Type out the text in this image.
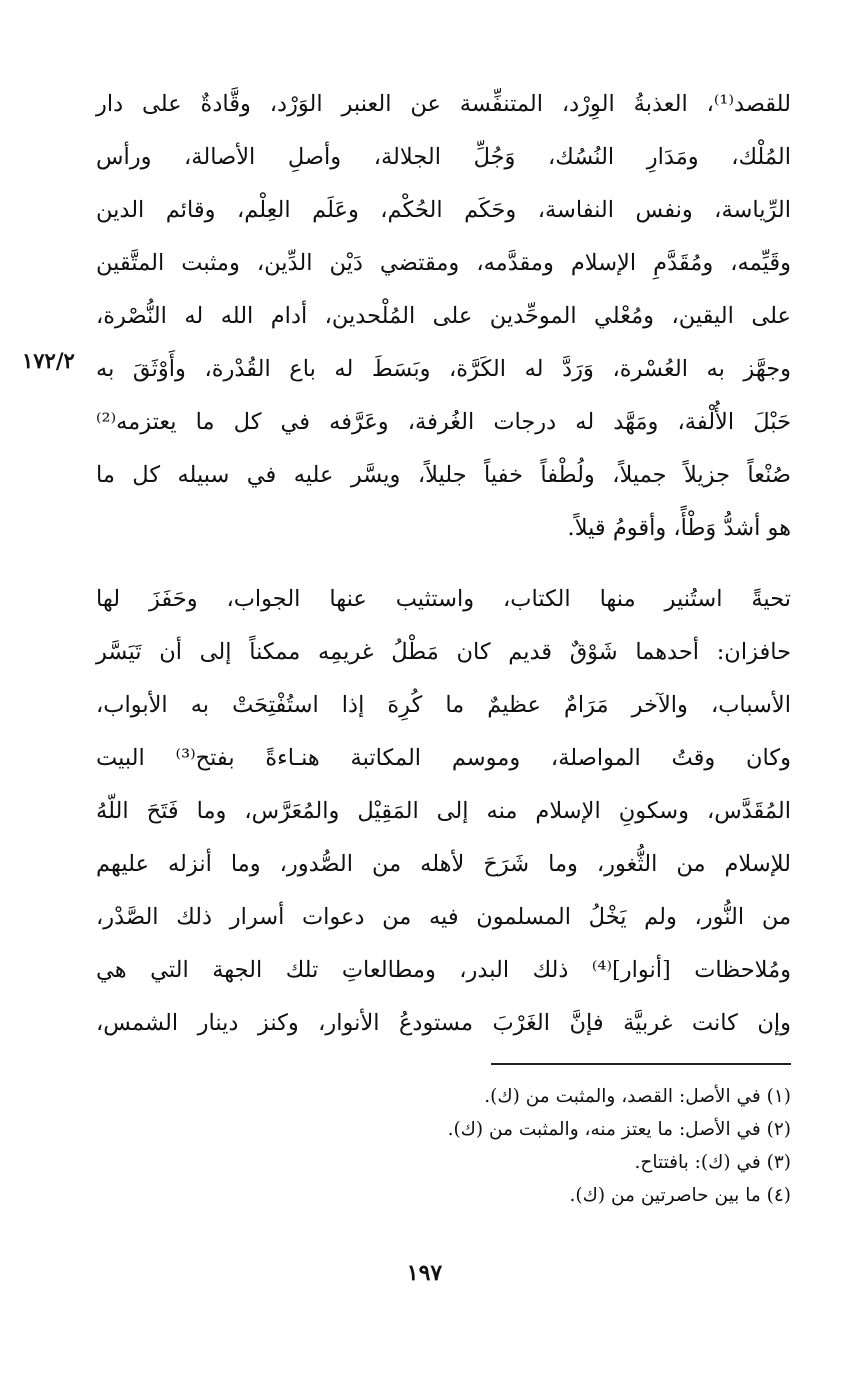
للقصد⁽¹⁾، العذبةُ الوِرْد، المتنفِّسة عن العنبر الوَرْد، وقَّادةٌ على دار

المُلْك، ومَدَارِ النُسُك، وَجُلِّ الجلالة، وأصلِ الأصالة، ورأس

الرِّياسة، ونفس النفاسة، وحَكَم الحُكْم، وعَلَم العِلْم، وقائم الدين

وقَيِّمه، ومُقَدَّمِ الإسلام ومقدَّمه، ومقتضي دَيْن الدِّين، ومثبت المتَّقين

على اليقين، ومُعْلي الموحِّدين على المُلْحدين، أدام الله له النُّصْرة،

وجهَّز به العُسْرة، وَرَدَّ له الكَرَّة، وبَسَطَ له باع القُدْرة، وأَوْثَقَ به

حَبْلَ الأُلْفة، ومَهَّد له درجات الغُرفة، وعَرَّفه في كل ما يعتزمه⁽²⁾

صُنْعاً جزيلاً جميلاً، ولُطْفاً خفياً جليلاً، ويسَّر عليه في سبيله كل ما

هو أشدُّ وَطْأً، وأقومُ قيلاً.

تحيةً استُنير منها الكتاب، واستثيب عنها الجواب، وحَفَزَ لها

حافزان: أحدهما شَوْقٌ قديم كان مَطْلُ غريمِه ممكناً إلى أن تَيَسَّر

الأسباب، والآخر مَرَامٌ عظيمٌ ما كُرِهَ إذا استُفْتِحَتْ به الأبواب،

وكان وقتُ المواصلة، وموسم المكاتبة هنـاءةً بفتح⁽³⁾ البيت

المُقَدَّس، وسكونِ الإسلام منه إلى المَقِيْل والمُعَرَّس، وما فَتَحَ اللّهُ

للإسلام من الثُّغور، وما شَرَحَ لأهله من الصُّدور، وما أنزله عليهم

من النُّور، ولم يَخْلُ المسلمون فيه من دعوات أسرار ذلك الصَّدْر،

ومُلاحظات [أنوار]⁽⁴⁾ ذلك البدر، ومطالعاتِ تلك الجهة التي هي

وإن كانت غربيَّة فإنَّ الغَرْبَ مستودعُ الأنوار، وكنز دينار الشمس،

١٧٢/٢
(١) في الأصل: القصد، والمثبت من (ك).
(٢) في الأصل: ما يعتز منه، والمثبت من (ك).
(٣) في (ك): بافتتاح.
(٤) ما بين حاصرتين من (ك).
١٩٧
